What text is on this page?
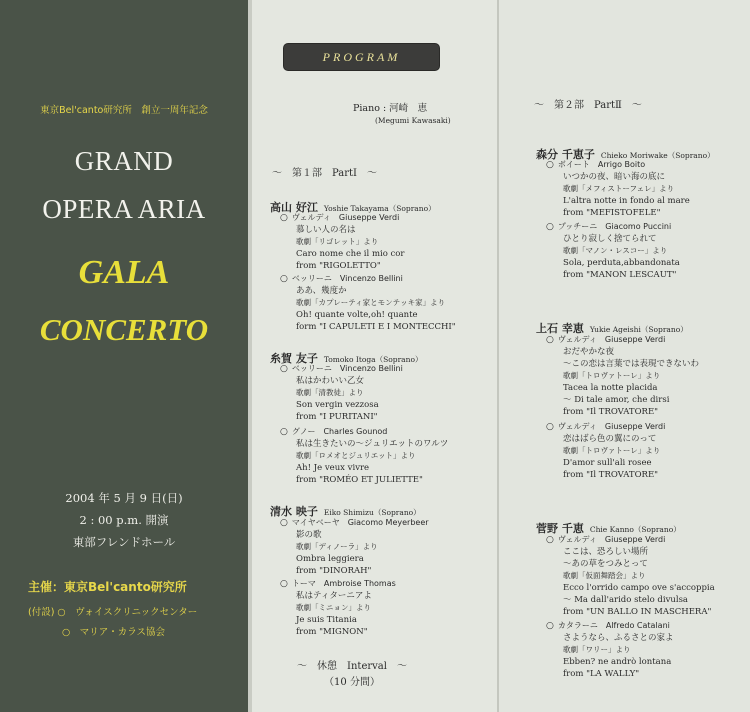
東京Bel'canto研究所　創立一周年記念
GRAND
OPERA ARIA
GALA
CONCERTO
2004 年 5 月 9 日(日)
2 : 00 p.m. 開演
東部フレンドホール
主催：東京Bel'canto研究所
(付設) ○　ヴォイスクリニックセンター
○　マリア・カラス協会
PROGRAM
Piano : 河崎　恵
(Megumi Kawasaki)
～　第１部　PartⅠ　～
～　第２部　PartⅡ　～
高山 好江 Yoshie Takayama（Soprano）
○ ヴェルディ　Giuseppe Verdi
慕しい人の名は
歌劇「リゴレット」より
Caro nome che il mio cor
from "RIGOLETTO"
○ ベッリーニ　Vincenzo Bellini
ああ、幾度か
歌劇「カプレーティ家とモンテッキ家」より
Oh! quante volte,oh! quante
form "I CAPULETI E I MONTECCHI"
糸賀 友子 Tomoko Itoga（Soprano）
○ ベッリーニ　Vincenzo Bellini
私はかわいい乙女
歌劇「清教徒」より
Son vergin vezzosa
from "I PURITANI"
○ グノー　Charles Gounod
私は生きたいの～ジュリエットのワルツ
歌劇「ロメオとジュリエット」より
Ah! Je veux vivre
from "ROMÉO ET JULIETTE"
清水 映子 Eiko Shimizu（Soprano）
○ マイヤベーヤ　Giacomo Meyerbeer
影の歌
歌劇「ディノーラ」より
Ombra leggiera
from "DINORAH"
○ トーマ　Ambroise Thomas
私はティターニアよ
歌劇「ミニョン」より
Je suis Titania
from "MIGNON"
～　休憩　Interval　～
（10 分間）
森分 千恵子 Chieko Moriwake（Soprano）
○ ボイート　Arrigo Boito
いつかの夜、暗い海の底に
歌劇「メフィストーフェレ」より
L'altra notte in fondo al mare
from "MEFISTOFELE"
○ プッチーニ　Giacomo Puccini
ひとり寂しく捨てられて
歌劇「マノン・レスコー」より
Sola, perduta,abbandonata
from "MANON LESCAUT"
上石 幸恵 Yukie Ageishi（Soprano）
○ ヴェルディ　Giuseppe Verdi
おだやかな夜
～この恋は言葉では表現できないわ
歌劇「トロヴァトーレ」より
Tacea la notte placida
～ Di tale amor, che dirsi
from "Il TROVATORE"
○ ヴェルディ　Giuseppe Verdi
恋はばら色の翼にのって
歌劇「トロヴァトーレ」より
D'amor sull'ali rosee
from "Il TROVATORE"
菅野 千恵 Chie Kanno（Soprano）
○ ヴェルディ　Giuseppe Verdi
ここは、恐ろしい場所
～あの草をつみとって
歌劇「仮面舞踏会」より
Ecco l'orrido campo ove s'accoppia
～ Ma dall'arido stelo divulsa
from "UN BALLO IN MASCHERA"
○ カタラーニ　Alfredo Catalani
さようなら、ふるさとの家よ
歌劇「ワリー」より
Ebben? ne andrò lontana
from "LA WALLY"
